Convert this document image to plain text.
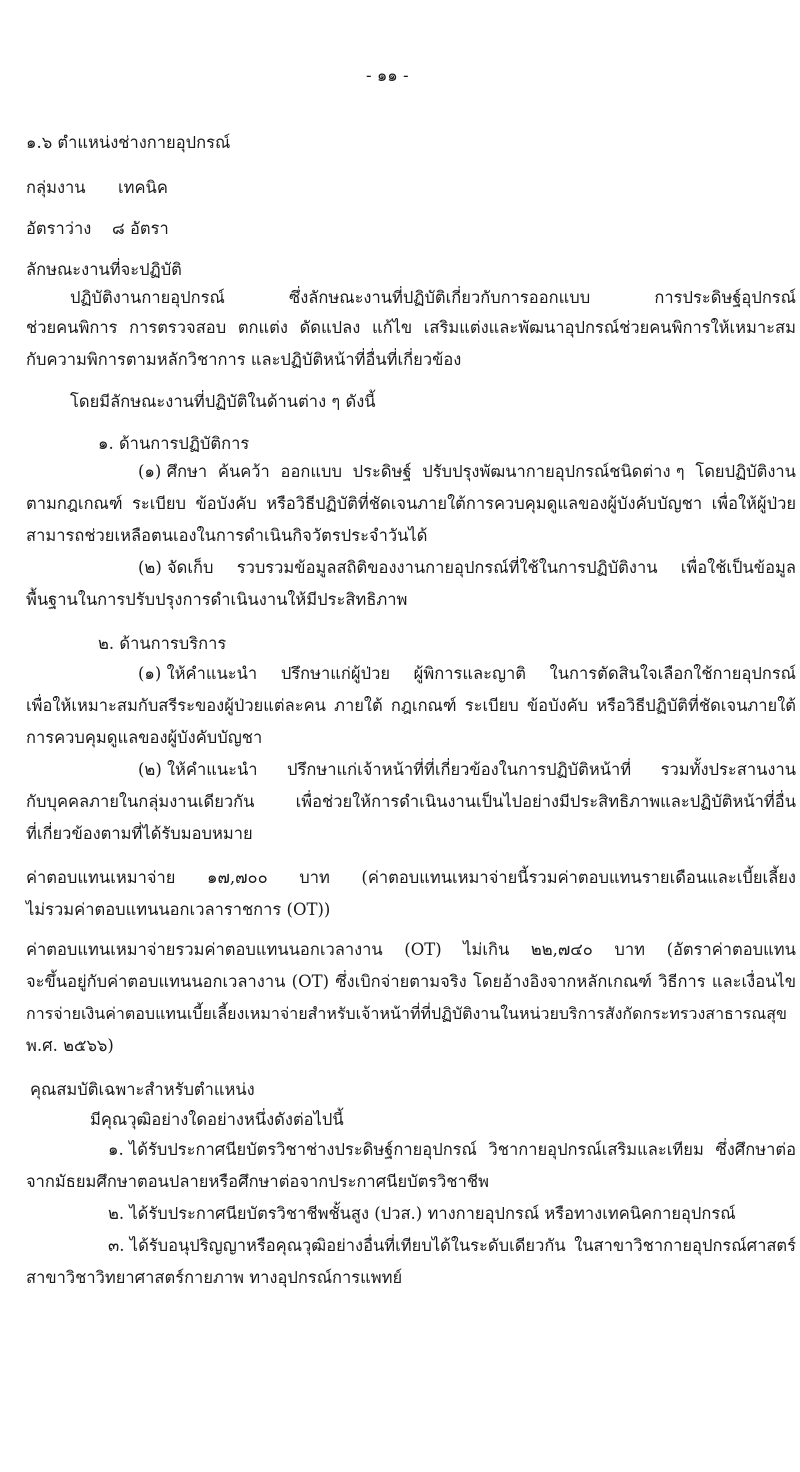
- ๑๑ -
๑.๖ ตำแหน่งช่างกายอุปกรณ์
กลุ่มงาน เทคนิค
อัตราว่าง ๘ อัตรา
ลักษณะงานที่จะปฏิบัติ
ปฏิบัติงานกายอุปกรณ์	ซึ่งลักษณะงานที่ปฏิบัติเกี่ยวกับการออกแบบ	การประดิษฐ์อุปกรณ์
ช่วยคนพิการ การตรวจสอบ ตกแต่ง ดัดแปลง แก้ไข เสริมแต่งและพัฒนาอุปกรณ์ช่วยคนพิการให้เหมาะสม
กับความพิการตามหลักวิชาการ และปฏิบัติหน้าที่อื่นที่เกี่ยวข้อง
โดยมีลักษณะงานที่ปฏิบัติในด้านต่าง ๆ ดังนี้
๑. ด้านการปฏิบัติการ
(๑) ศึกษา ค้นคว้า ออกแบบ ประดิษฐ์ ปรับปรุงพัฒนากายอุปกรณ์ชนิดต่าง ๆ โดยปฏิบัติงาน
ตามกฎเกณฑ์ ระเบียบ ข้อบังคับ หรือวิธีปฏิบัติที่ชัดเจนภายใต้การควบคุมดูแลของผู้บังคับบัญชา เพื่อให้ผู้ป่วย
สามารถช่วยเหลือตนเองในการดำเนินกิจวัตรประจำวันได้
(๒) จัดเก็บ รวบรวมข้อมูลสถิติของงานกายอุปกรณ์ที่ใช้ในการปฏิบัติงาน เพื่อใช้เป็นข้อมูล
พื้นฐานในการปรับปรุงการดำเนินงานให้มีประสิทธิภาพ
๒. ด้านการบริการ
(๑) ให้คำแนะนำ ปรึกษาแก่ผู้ป่วย ผู้พิการและญาติ ในการตัดสินใจเลือกใช้กายอุปกรณ์
เพื่อให้เหมาะสมกับสรีระของผู้ป่วยแต่ละคน ภายใต้ กฎเกณฑ์ ระเบียบ ข้อบังคับ หรือวิธีปฏิบัติที่ชัดเจนภายใต้
การควบคุมดูแลของผู้บังคับบัญชา
(๒) ให้คำแนะนำ ปรึกษาแก่เจ้าหน้าที่ที่เกี่ยวข้องในการปฏิบัติหน้าที่ รวมทั้งประสานงาน
กับบุคคลภายในกลุ่มงานเดียวกัน เพื่อช่วยให้การดำเนินงานเป็นไปอย่างมีประสิทธิภาพและปฏิบัติหน้าที่อื่น
ที่เกี่ยวข้องตามที่ได้รับมอบหมาย
ค่าตอบแทนเหมาจ่าย ๑๗,๗๐๐ บาท (ค่าตอบแทนเหมาจ่ายนี้รวมค่าตอบแทนรายเดือนและเบี้ยเลี้ยง
ไม่รวมค่าตอบแทนนอกเวลาราชการ (OT))
ค่าตอบแทนเหมาจ่ายรวมค่าตอบแทนนอกเวลางาน (OT) ไม่เกิน ๒๒,๗๔๐ บาท (อัตราค่าตอบแทน
จะขึ้นอยู่กับค่าตอบแทนนอกเวลางาน (OT) ซึ่งเบิกจ่ายตามจริง โดยอ้างอิงจากหลักเกณฑ์ วิธีการ และเงื่อนไข
การจ่ายเงินค่าตอบแทนเบี้ยเลี้ยงเหมาจ่ายสำหรับเจ้าหน้าที่ที่ปฏิบัติงานในหน่วยบริการสังกัดกระทรวงสาธารณสุข
พ.ศ. ๒๕๖๖)
คุณสมบัติเฉพาะสำหรับตำแหน่ง
มีคุณวุฒิอย่างใดอย่างหนึ่งดังต่อไปนี้
๑. ได้รับประกาศนียบัตรวิชาช่างประดิษฐ์กายอุปกรณ์ วิชากายอุปกรณ์เสริมและเทียม ซึ่งศึกษาต่อ
จากมัธยมศึกษาตอนปลายหรือศึกษาต่อจากประกาศนียบัตรวิชาชีพ
๒. ได้รับประกาศนียบัตรวิชาชีพชั้นสูง (ปวส.) ทางกายอุปกรณ์ หรือทางเทคนิคกายอุปกรณ์
๓. ได้รับอนุปริญญาหรือคุณวุฒิอย่างอื่นที่เทียบได้ในระดับเดียวกัน ในสาขาวิชากายอุปกรณ์ศาสตร์
สาขาวิชาวิทยาศาสตร์กายภาพ ทางอุปกรณ์การแพทย์
